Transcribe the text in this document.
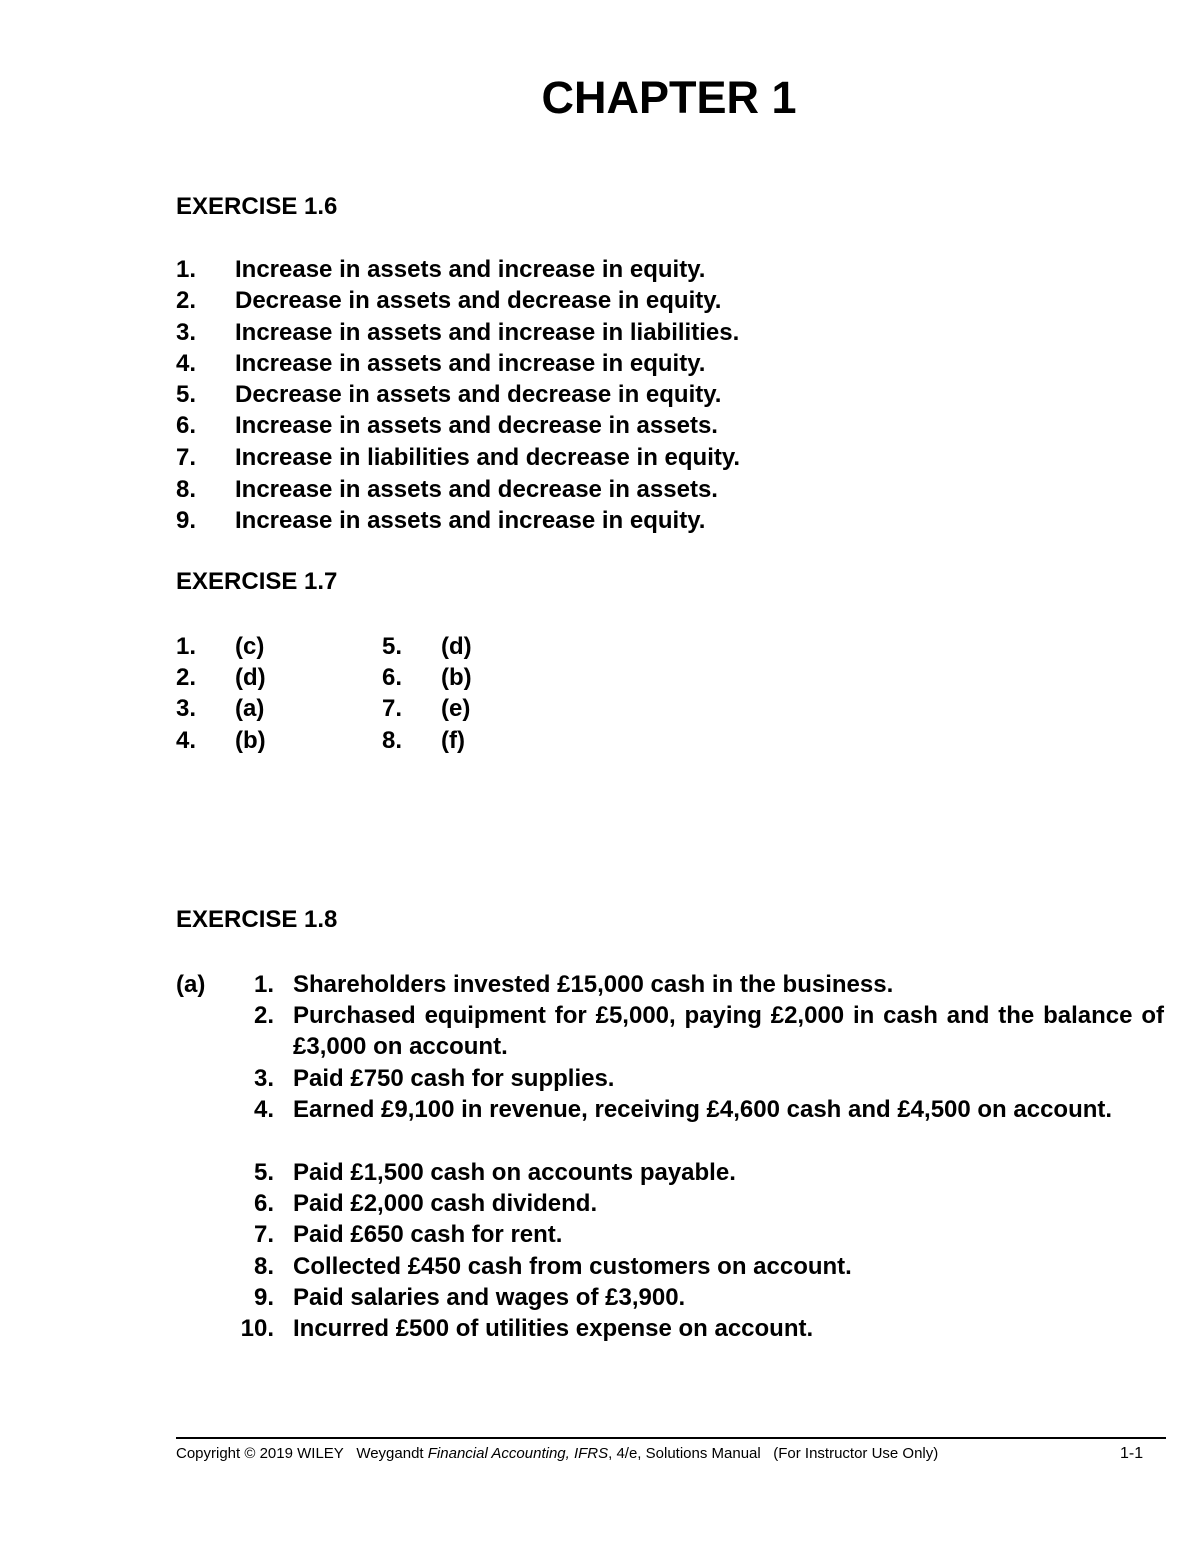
CHAPTER 1
EXERCISE 1.6
1. Increase in assets and increase in equity.
2. Decrease in assets and decrease in equity.
3. Increase in assets and increase in liabilities.
4. Increase in assets and increase in equity.
5. Decrease in assets and decrease in equity.
6. Increase in assets and decrease in assets.
7. Increase in liabilities and decrease in equity.
8. Increase in assets and decrease in assets.
9. Increase in assets and increase in equity.
EXERCISE 1.7
1. (c)	5. (d)
2. (d)	6. (b)
3. (a)	7. (e)
4. (b)	8. (f)
EXERCISE 1.8
(a)	1. Shareholders invested £15,000 cash in the business.
2. Purchased equipment for £5,000, paying £2,000 in cash and the balance of £3,000 on account.
3. Paid £750 cash for supplies.
4. Earned £9,100 in revenue, receiving £4,600 cash and £4,500 on account.
5. Paid £1,500 cash on accounts payable.
6. Paid £2,000 cash dividend.
7. Paid £650 cash for rent.
8. Collected £450 cash from customers on account.
9. Paid salaries and wages of £3,900.
10. Incurred £500 of utilities expense on account.
Copyright © 2019 WILEY Weygandt Financial Accounting, IFRS, 4/e, Solutions Manual (For Instructor Use Only)	1-1
